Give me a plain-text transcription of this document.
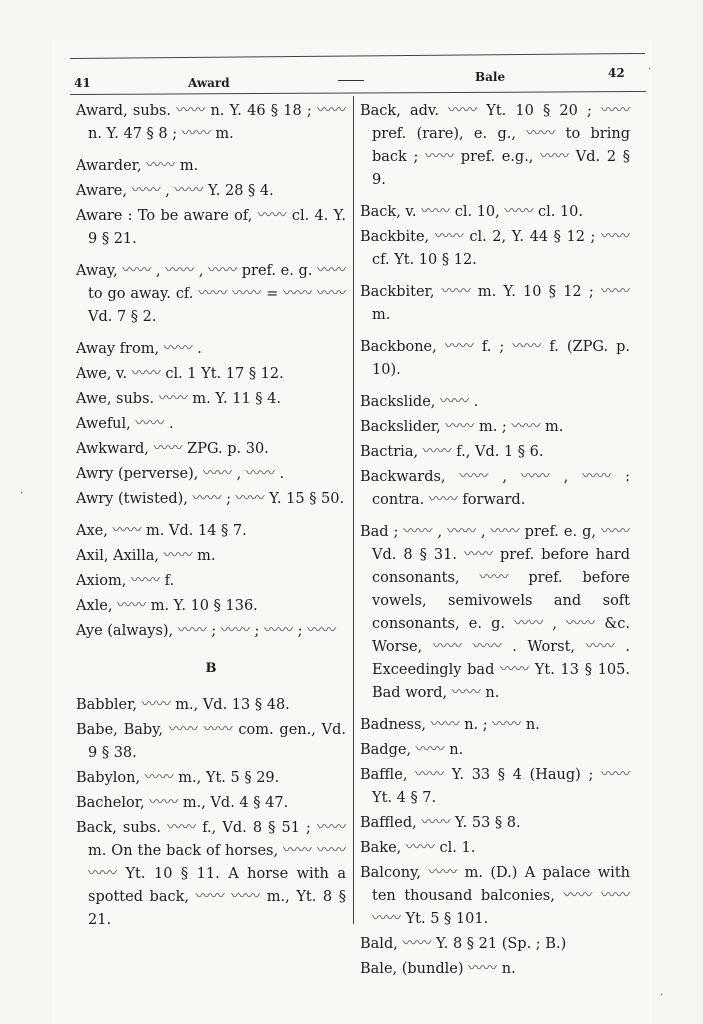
41	Award	Bale	42
Award, subs. 〰〰 n. Y. 46 § 18 ; 〰〰 n. Y. 47 § 8 ; 〰〰 m.
Awarder, 〰〰 m.
Aware, 〰〰 , 〰〰 Y. 28 § 4.
Aware : To be aware of, 〰〰 cl. 4. Y. 9 § 21.
Away, 〰〰 , 〰〰 , 〰〰 pref. e. g. 〰〰 to go away. cf. 〰〰 〰〰 = 〰〰 〰〰 Vd. 7 § 2.
Away from, 〰〰 .
Awe, v. 〰〰 cl. 1 Yt. 17 § 12.
Awe, subs. 〰〰 m. Y. 11 § 4.
Aweful, 〰〰 .
Awkward, 〰〰 ZPG. p. 30.
Awry (perverse), 〰〰 , 〰〰 .
Awry (twisted), 〰〰 ; 〰〰 Y. 15 § 50.
Axe, 〰〰 m. Vd. 14 § 7.
Axil, Axilla, 〰〰 m.
Axiom, 〰〰 f.
Axle, 〰〰 m. Y. 10 § 136.
Aye (always), 〰〰 ; 〰〰 ; 〰〰 ; 〰〰
B
Babbler, 〰〰 m., Vd. 13 § 48.
Babe, Baby, 〰〰 〰〰 com. gen., Vd. 9 § 38.
Babylon, 〰〰 m., Yt. 5 § 29.
Bachelor, 〰〰 m., Vd. 4 § 47.
Back, subs. 〰〰 f., Vd. 8 § 51 ; 〰〰 m. On the back of horses, 〰〰 〰〰 〰〰 Yt. 10 § 11. A horse with a spotted back, 〰〰 〰〰 m., Yt. 8 § 21.
Back, adv. 〰〰 Yt. 10 § 20 ; 〰〰 pref. (rare), e. g., 〰〰 to bring back ; 〰〰 pref. e.g., 〰〰 Vd. 2 § 9.
Back, v. 〰〰 cl. 10, 〰〰 cl. 10.
Backbite, 〰〰 cl. 2, Y. 44 § 12 ; 〰〰 cf. Yt. 10 § 12.
Backbiter, 〰〰 m. Y. 10 § 12 ; 〰〰 m.
Backbone, 〰〰 f. ; 〰〰 f. (ZPG. p. 10).
Backslide, 〰〰 .
Backslider, 〰〰 m. ; 〰〰 m.
Bactria, 〰〰 f., Vd. 1 § 6.
Backwards, 〰〰 , 〰〰 , 〰〰 : contra. 〰〰 forward.
Bad ; 〰〰 , 〰〰 , 〰〰 pref. e. g, 〰〰 Vd. 8 § 31. 〰〰 pref. before hard consonants, 〰〰 pref. before vowels, semivowels and soft consonants, e. g. 〰〰 , 〰〰 &c. Worse, 〰〰 〰〰 . Worst, 〰〰 . Exceedingly bad 〰〰 Yt. 13 § 105. Bad word, 〰〰 n.
Badness, 〰〰 n. ; 〰〰 n.
Badge, 〰〰 n.
Baffle, 〰〰 Y. 33 § 4 (Haug) ; 〰〰 Yt. 4 § 7.
Baffled, 〰〰 Y. 53 § 8.
Bake, 〰〰 cl. 1.
Balcony, 〰〰 m. (D.) A palace with ten thousand balconies, 〰〰 〰〰 〰〰 Yt. 5 § 101.
Bald, 〰〰 Y. 8 § 21 (Sp. ; B.)
Bale, (bundle) 〰〰 n.
·
·
·
